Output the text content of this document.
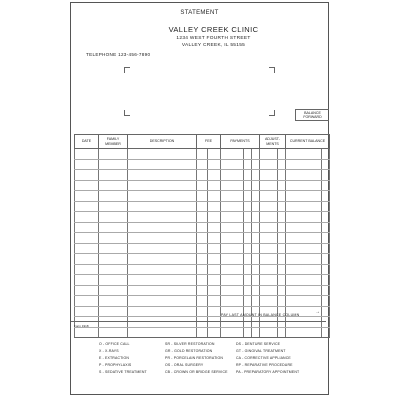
STATEMENT
VALLEY CREEK CLINIC
1234 WEST FOURTH STREET
VALLEY CREEK, IL 55155
TELEPHONE 123-456-7890
BALANCE FORWARD
DATE	FAMILY MEMBER	DESCRIPTION	FEE		PAYMENTS			ADJUST- MENTS		CURRENT BALANCE	

PAY LAST AMOUNT IN BALANCE COLUMN	→
Form 1918
O - OFFICE CALL
X - X-RAYS
E - EXTRACTION
P - PROPHYLAXIS
S - SEDATIVE TREATMENT
SR - SILVER RESTORATION
GR - GOLD RESTORATION
PR - PORCELAIN RESTORATION
OS - ORAL SURGERY
CB - CROWN OR BRIDGE SERVICE
DS - DENTURE SERVICE
GT - GINGIVAL TREATMENT
CA - CORRECTIVE APPLIANCE
RP - REPARATIVE PROCEDURE
PA - PREPARATORY APPOINTMENT
